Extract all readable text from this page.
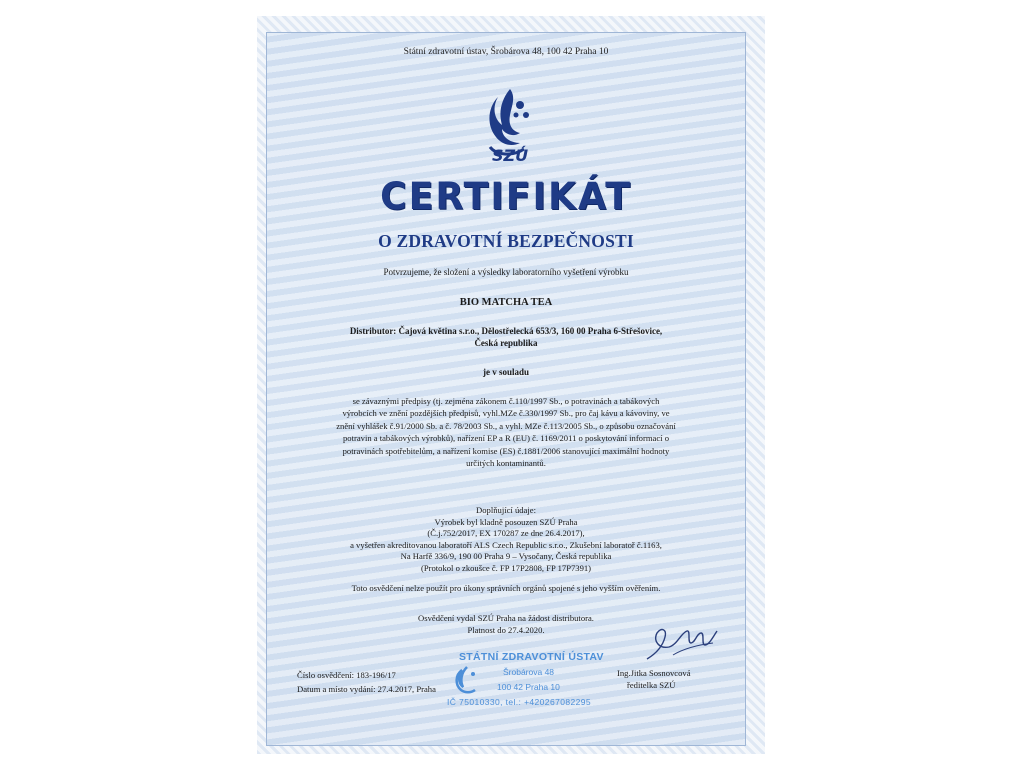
Státní zdravotní ústav, Šrobárova 48, 100 42 Praha 10
SZÚ
CERTIFIKÁT
O ZDRAVOTNÍ BEZPEČNOSTI
Potvrzujeme, že složení a výsledky laboratorního vyšetření výrobku
BIO MATCHA TEA
Distributor: Čajová květina s.r.o., Dělostřelecká 653/3, 160 00 Praha 6-Střešovice,
Česká republika
je v souladu
se závaznými předpisy (tj. zejména zákonem č.110/1997 Sb., o potravinách a tabákových
výrobcích ve znění pozdějších předpisů, vyhl.MZe č.330/1997 Sb., pro čaj kávu a kávoviny, ve
znění vyhlášek č.91/2000 Sb. a č. 78/2003 Sb., a vyhl. MZe č.113/2005 Sb., o způsobu označování
potravin a tabákových výrobků), nařízení EP a R (EU) č. 1169/2011 o poskytování informací o
potravinách spotřebitelům, a nařízení komise (ES) č.1881/2006 stanovující maximální hodnoty
určitých kontaminantů.
Doplňující údaje:
Výrobek byl kladně posouzen SZÚ Praha
(Č.j.752/2017, EX 170287 ze dne 26.4.2017),
a vyšetřen akreditovanou laboratoří ALS Czech Republic s.r.o., Zkušební laboratoř č.1163,
Na Harfě 336/9, 190 00 Praha 9 – Vysočany, Česká republika
(Protokol o zkoušce č. FP 17P2808, FP 17P7391)
Toto osvědčení nelze použít pro úkony správních orgánů spojené s jeho vyšším ověřením.
Osvědčení vydal SZÚ Praha na žádost distributora.
Platnost do 27.4.2020.
Číslo osvědčení: 183-196/17
Datum a místo vydání: 27.4.2017, Praha
STÁTNÍ ZDRAVOTNÍ ÚSTAV
Šrobárova 48
100 42 Praha 10
IČ 75010330, tel.: +420267082295
Ing.Jitka Sosnovcová
ředitelka SZÚ
